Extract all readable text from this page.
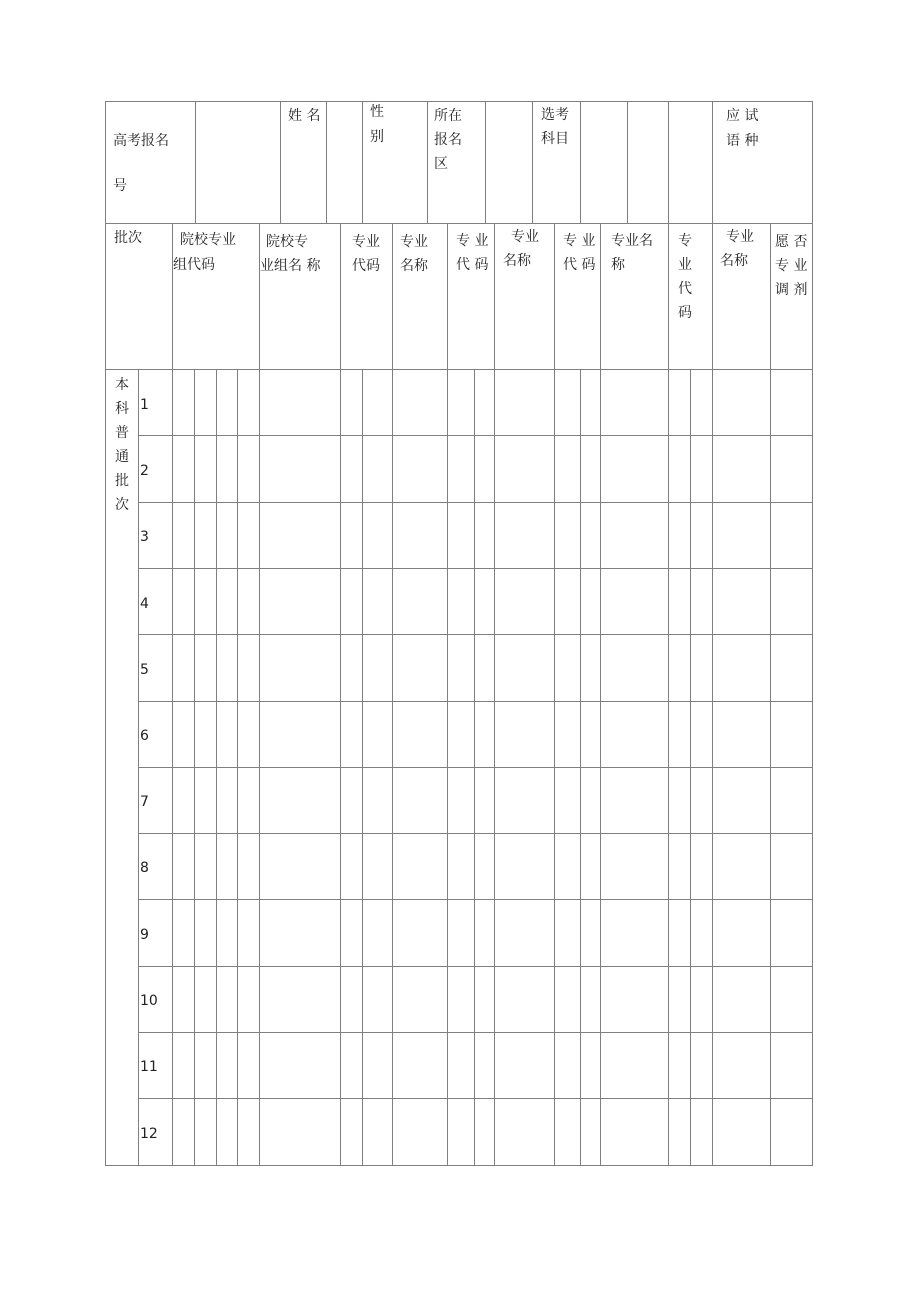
高考报名
号
姓 名	性
别
所在
报名
区
选考
科目
应 试
语 种
批次	院校专业
组代码
院校专
业组名 称
专业
代码
专业
名称
专 业
代 码
专业
名称
专 业
代 码
专业名
称
专
业
代
码
专业
名称
愿 否
专 业
调 剂
本
科
普
通
批
次
1
2
3
4
5
6
7
8
9
10
11
12
